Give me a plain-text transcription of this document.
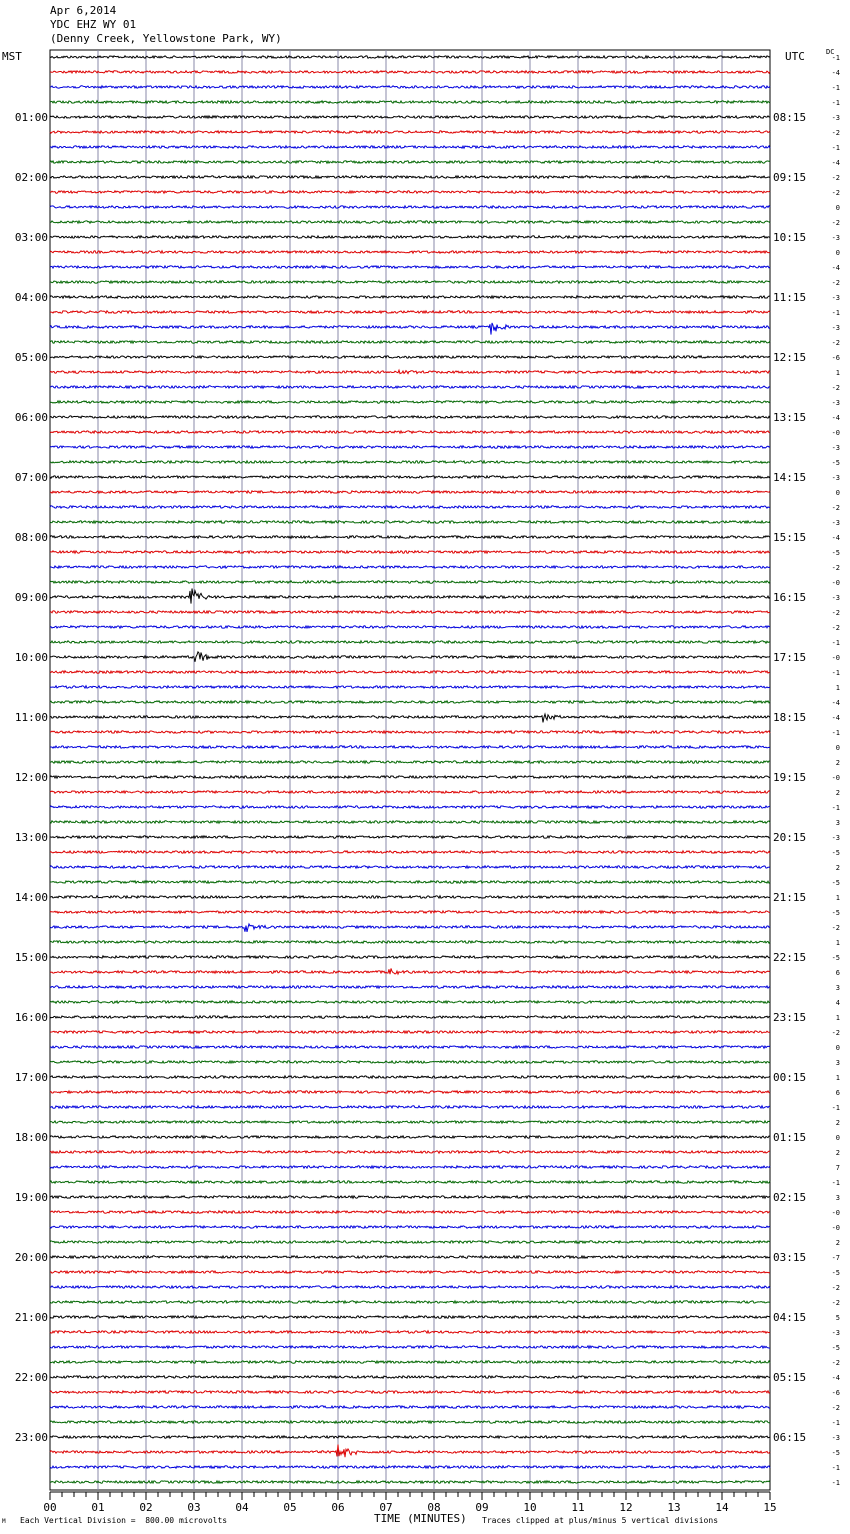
Apr 6,2014
YDC EHZ WY 01
(Denny Creek, Yellowstone Park, WY)
MST	UTC	DC
-1
-4
-1
-1
-3
-2
-1
-4
-2
-2
0
-2
-3
0
-4
-2
-3
-1
-3
-2
-6
1
-2
-3
-4
-0
-3
-5
-3
0
-2
-3
-4
-5
-2
-0
-3
-2
-2
-1
-0
-1
1
-4
-4
-1
0
2
-0
2
-1
3
-3
-5
2
-5
1
-5
-2
1
-5
6
3
4
1
-2
0
3
1
6
-1
2
0
2
7
-1
3
-0
-0
2
-7
-5
-2
-2
5
-3
-5
-2
-4
-6
-2
-1
-3
-5
-1
-1
01:00	08:15
02:00	09:15
03:00	10:15
04:00	11:15
05:00	12:15
06:00	13:15
07:00	14:15
08:00	15:15
09:00	16:15
10:00	17:15
11:00	18:15
12:00	19:15
13:00	20:15
14:00	21:15
15:00	22:15
16:00	23:15
17:00	00:15
18:00	01:15
19:00	02:15
20:00	03:15
21:00	04:15
22:00	05:15
23:00	06:15
00	01	02	03	04	05	06	07	08	09	10	11	12	13	14	15
M Each Vertical Division =  800.00 microvolts	TIME (MINUTES) Traces clipped at plus/minus 5 vertical divisions
